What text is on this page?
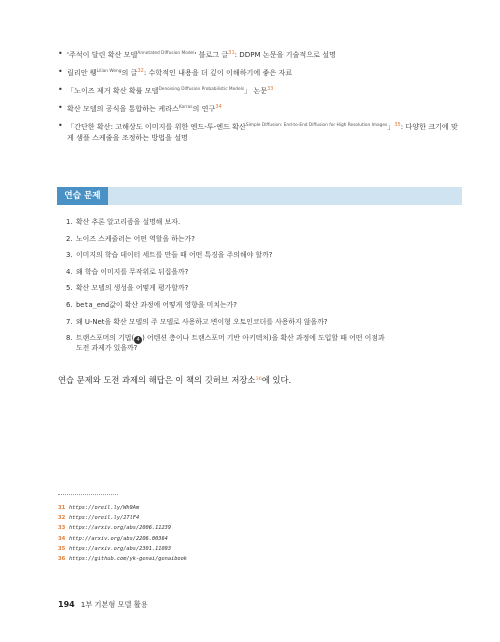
• '주석이 달린 확산 모델$^{Annotated Diffusion Model}$' 블로그 글$^{31}$: DDPM 논문을 기술적으로 설명
• 릴리안 웽$^{Lilian Weng}$의 글$^{32}$: 수학적인 내용을 더 깊이 이해하기에 좋은 자료
• 「노이즈 제거 확산 확률 모델$^{Denoising Diffusion Probabilistic Models}$」 논문$^{33}$
• 확산 모델의 공식을 통합하는 케라스$^{Karras}$의 연구$^{34}$
• 「간단한 확산: 고해상도 이미지를 위한 엔드-투-엔드 확산$^{Simple Diffusion: End-to-End Diffusion for High Resolution Images}$」$^{35}$: 다양한 크기에 맞게 샘플 스케줄을 조정하는 방법을 설명
연습 문제
1. 확산 추론 알고리즘을 설명해 보자.
2. 노이즈 스케줄러는 어떤 역할을 하는가?
3. 이미지의 학습 데이터 세트를 만들 때 어떤 특징을 주의해야 할까?
4. 왜 학습 이미지를 무작위로 뒤집을까?
5. 확산 모델의 생성을 어떻게 평가할까?
6. beta_end값이 확산 과정에 어떻게 영향을 미치는가?
7. 왜 U-Net을 확산 모델의 주 모델로 사용하고 변이형 오토인코더를 사용하지 않을까?
8. 트랜스포머의 기법( 4 ) 어텐션 층이나 트랜스포머 기반 아키텍처)을 확산 과정에 도입할 때 어떤 이점과
도전 과제가 있을까?
연습 문제와 도전 과제의 해답은 이 책의 깃허브 저장소$^{36}$에 있다.
31 https://oreil.ly/Wh9Am
32 https://oreil.ly/27lF4
33 https://arxiv.org/abs/2006.11239
34 http://arxiv.org/abs/2206.00364
35 https://arxiv.org/abs/2301.11093
36 https://github.com/yk-genai/genaibook
194 1부 기본형 모델 활용
